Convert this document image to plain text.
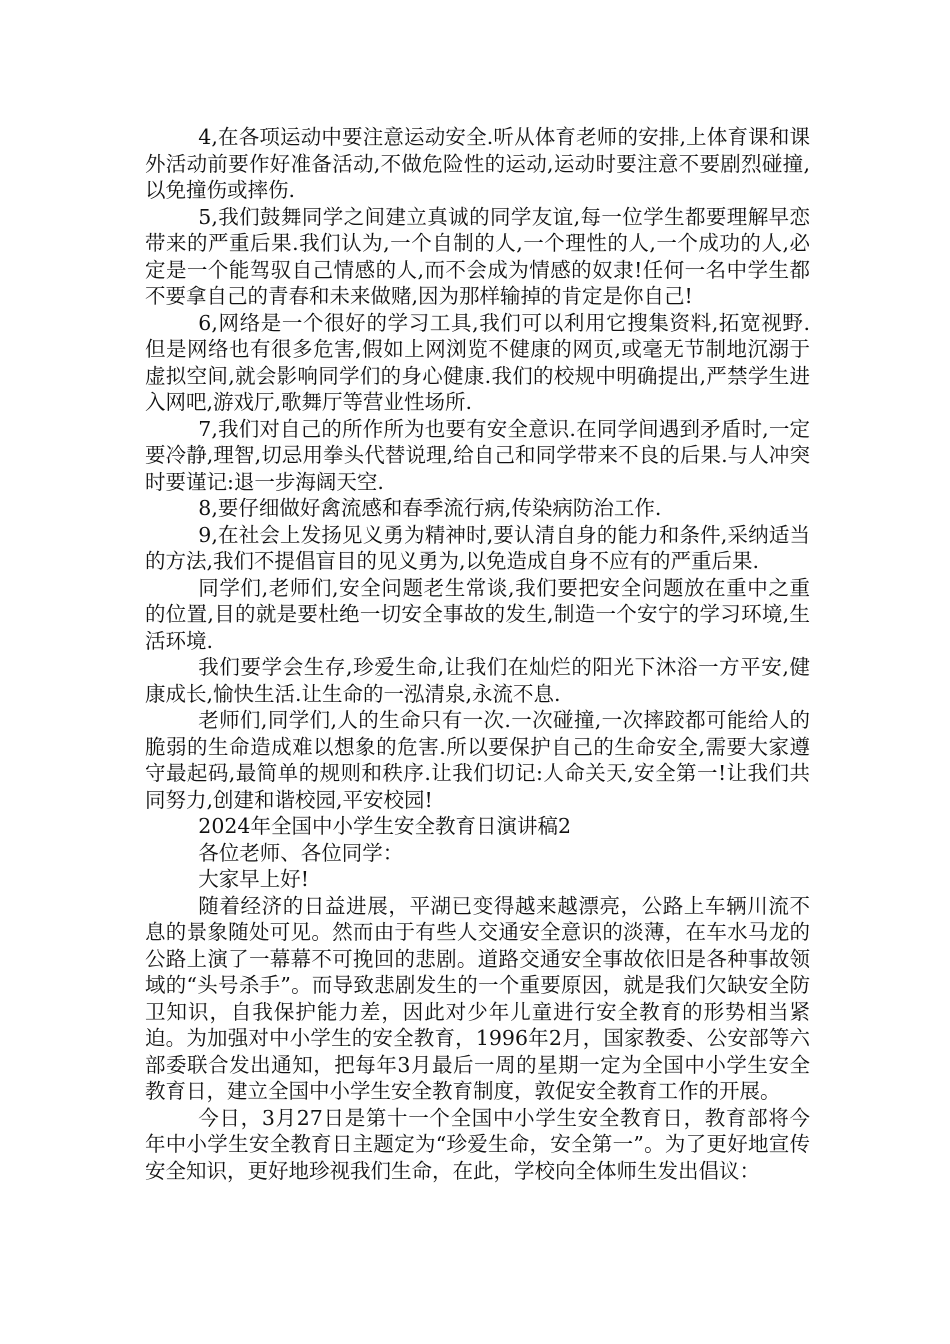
4,在各项运动中要注意运动安全.听从体育老师的安排,上体育课和课外活动前要作好准备活动,不做危险性的运动,运动时要注意不要剧烈碰撞,以免撞伤或摔伤.

5,我们鼓舞同学之间建立真诚的同学友谊,每一位学生都要理解早恋带来的严重后果.我们认为,一个自制的人,一个理性的人,一个成功的人,必定是一个能驾驭自己情感的人,而不会成为情感的奴隶!任何一名中学生都不要拿自己的青春和未来做赌,因为那样输掉的肯定是你自己!

6,网络是一个很好的学习工具,我们可以利用它搜集资料,拓宽视野.但是网络也有很多危害,假如上网浏览不健康的网页,或毫无节制地沉溺于虚拟空间,就会影响同学们的身心健康.我们的校规中明确提出,严禁学生进入网吧,游戏厅,歌舞厅等营业性场所.

7,我们对自己的所作所为也要有安全意识.在同学间遇到矛盾时,一定要冷静,理智,切忌用拳头代替说理,给自己和同学带来不良的后果.与人冲突时要谨记:退一步海阔天空.

8,要仔细做好禽流感和春季流行病,传染病防治工作.

9,在社会上发扬见义勇为精神时,要认清自身的能力和条件,采纳适当的方法,我们不提倡盲目的见义勇为,以免造成自身不应有的严重后果.

同学们,老师们,安全问题老生常谈,我们要把安全问题放在重中之重的位置,目的就是要杜绝一切安全事故的发生,制造一个安宁的学习环境,生活环境.

我们要学会生存,珍爱生命,让我们在灿烂的阳光下沐浴一方平安,健康成长,愉快生活.让生命的一泓清泉,永流不息.

老师们,同学们,人的生命只有一次.一次碰撞,一次摔跤都可能给人的脆弱的生命造成难以想象的危害.所以要保护自己的生命安全,需要大家遵守最起码,最简单的规则和秩序.让我们切记:人命关天,安全第一!让我们共同努力,创建和谐校园,平安校园!

2024年全国中小学生安全教育日演讲稿2

各位老师、各位同学：

大家早上好!

随着经济的日益进展，平湖已变得越来越漂亮，公路上车辆川流不息的景象随处可见。然而由于有些人交通安全意识的淡薄，在车水马龙的公路上演了一幕幕不可挽回的悲剧。道路交通安全事故依旧是各种事故领域的“头号杀手”。而导致悲剧发生的一个重要原因，就是我们欠缺安全防卫知识，自我保护能力差，因此对少年儿童进行安全教育的形势相当紧迫。为加强对中小学生的安全教育，1996年2月，国家教委、公安部等六部委联合发出通知，把每年3月最后一周的星期一定为全国中小学生安全教育日，建立全国中小学生安全教育制度，敦促安全教育工作的开展。

今日，3月27日是第十一个全国中小学生安全教育日，教育部将今年中小学生安全教育日主题定为“珍爱生命，安全第一”。为了更好地宣传安全知识，更好地珍视我们生命，在此，学校向全体师生发出倡议：
